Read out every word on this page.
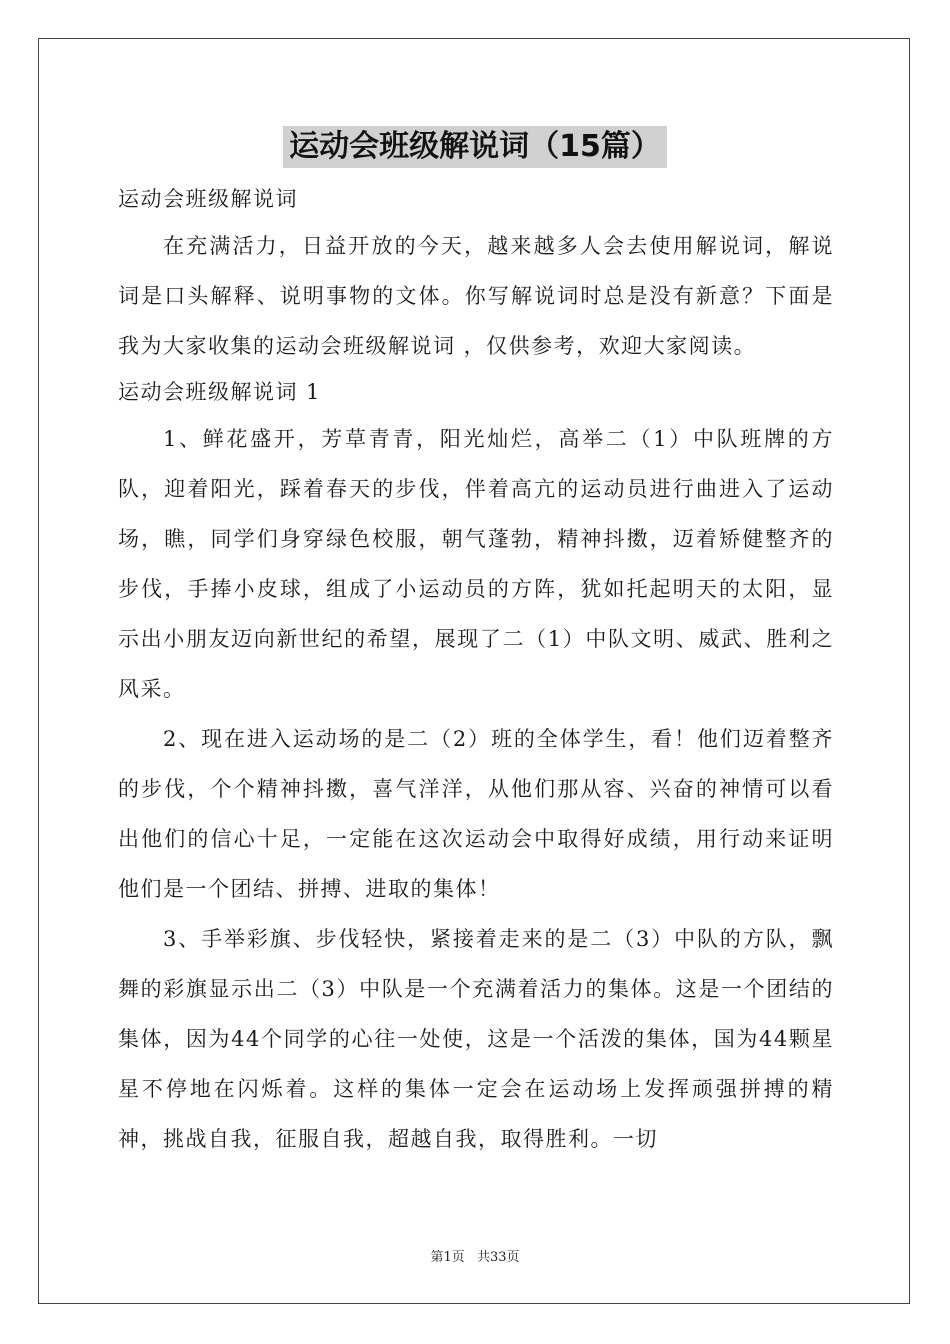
运动会班级解说词（15篇）

运动会班级解说词

在充满活力，日益开放的今天，越来越多人会去使用解说词，解说词是口头解释、说明事物的文体。你写解说词时总是没有新意？下面是我为大家收集的运动会班级解说词 ，仅供参考，欢迎大家阅读。

运动会班级解说词 1

1、鲜花盛开，芳草青青，阳光灿烂，高举二（1）中队班牌的方队，迎着阳光，踩着春天的步伐，伴着高亢的运动员进行曲进入了运动场，瞧，同学们身穿绿色校服，朝气蓬勃，精神抖擞，迈着矫健整齐的步伐，手捧小皮球，组成了小运动员的方阵，犹如托起明天的太阳，显示出小朋友迈向新世纪的希望，展现了二（1）中队文明、威武、胜利之风采。

2、现在进入运动场的是二（2）班的全体学生，看！他们迈着整齐的步伐，个个精神抖擞，喜气洋洋，从他们那从容、兴奋的神情可以看出他们的信心十足，一定能在这次运动会中取得好成绩，用行动来证明他们是一个团结、拼搏、进取的集体！

3、手举彩旗、步伐轻快，紧接着走来的是二（3）中队的方队，飘舞的彩旗显示出二（3）中队是一个充满着活力的集体。这是一个团结的集体，因为44个同学的心往一处使，这是一个活泼的集体，国为44颗星星不停地在闪烁着。这样的集体一定会在运动场上发挥顽强拼搏的精神，挑战自我，征服自我，超越自我，取得胜利。一切

第1页 共33页
